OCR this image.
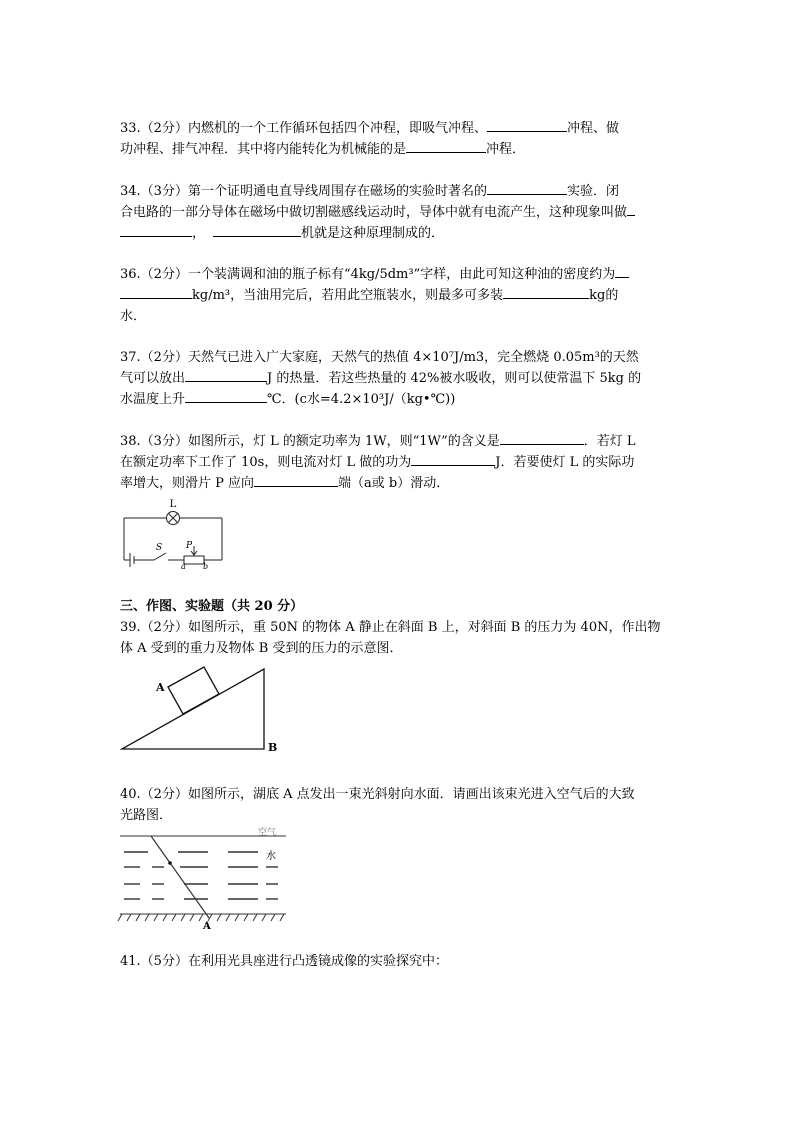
33.（2分）内燃机的一个工作循环包括四个冲程，即吸气冲程、	冲程、做
功冲程、排气冲程．其中将内能转化为机械能的是	冲程．
34.（3分）第一个证明通电直导线周围存在磁场的实验时著名的	实验．闭
合电路的一部分导体在磁场中做切割磁感线运动时，导体中就有电流产生，这种现象叫做
，	机就是这种原理制成的．
36.（2分）一个装满调和油的瓶子标有“4kg/5dm³”字样，由此可知这种油的密度约为
kg/m³，当油用完后，若用此空瓶装水，则最多可多装	kg的
水．
37.（2分）天然气已进入广大家庭，天然气的热值 4×10⁷J/m3，完全燃烧 0.05m³的天然
气可以放出	J 的热量．若这些热量的 42%被水吸收，则可以使常温下 5kg 的
水温度上升	℃．(c水=4.2×10³J/（kg•℃))
38.（3分）如图所示，灯 L 的额定功率为 1W，则“1W”的含义是	．若灯 L
在额定功率下工作了 10s，则电流对灯 L 做的功为	J．若要使灯 L 的实际功
率增大，则滑片 P 应向	端（a或 b）滑动．
L
S	P
a b
三、作图、实验题（共 20 分）
39.（2分）如图所示，重 50N 的物体 A 静止在斜面 B 上，对斜面 B 的压力为 40N，作出物
体 A 受到的重力及物体 B 受到的压力的示意图．
A
B
40.（2分）如图所示，湖底 A 点发出一束光斜射向水面．请画出该束光进入空气后的大致
光路图．
空气
水
A
41.（5分）在利用光具座进行凸透镜成像的实验探究中：
